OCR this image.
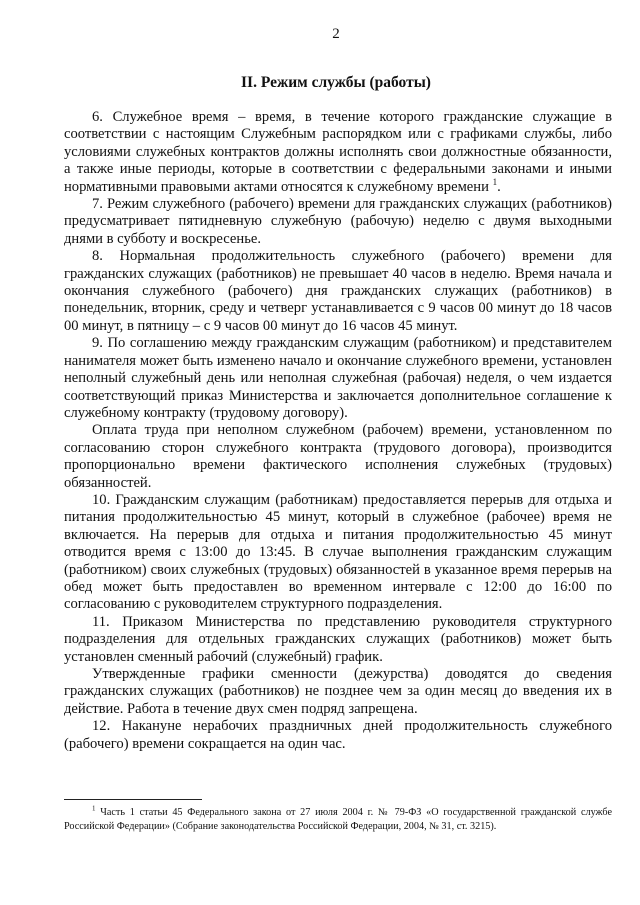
2
II. Режим службы (работы)

6. Служебное время – время, в течение которого гражданские служащие в соответствии с настоящим Служебным распорядком или с графиками службы, либо условиями служебных контрактов должны исполнять свои должностные обязанности, а также иные периоды, которые в соответствии с федеральными законами и иными нормативными правовыми актами относятся к служебному времени $^1$.

7. Режим служебного (рабочего) времени для гражданских служащих (работников) предусматривает пятидневную служебную (рабочую) неделю с двумя выходными днями в субботу и воскресенье.

8. Нормальная продолжительность служебного (рабочего) времени для гражданских служащих (работников) не превышает 40 часов в неделю. Время начала и окончания служебного (рабочего) дня гражданских служащих (работников) в понедельник, вторник, среду и четверг устанавливается с 9 часов 00 минут до 18 часов 00 минут, в пятницу – с 9 часов 00 минут до 16 часов 45 минут.

9. По соглашению между гражданским служащим (работником) и представителем нанимателя может быть изменено начало и окончание служебного времени, установлен неполный служебный день или неполная служебная (рабочая) неделя, о чем издается соответствующий приказ Министерства и заключается дополнительное соглашение к служебному контракту (трудовому договору).

Оплата труда при неполном служебном (рабочем) времени, установленном по согласованию сторон служебного контракта (трудового договора), производится пропорционально времени фактического исполнения служебных (трудовых) обязанностей.

10. Гражданским служащим (работникам) предоставляется перерыв для отдыха и питания продолжительностью 45 минут, который в служебное (рабочее) время не включается. На перерыв для отдыха и питания продолжительностью 45 минут отводится время с 13:00 до 13:45. В случае выполнения гражданским служащим (работником) своих служебных (трудовых) обязанностей в указанное время перерыв на обед может быть предоставлен во временном интервале с 12:00 до 16:00 по согласованию с руководителем структурного подразделения.

11. Приказом Министерства по представлению руководителя структурного подразделения для отдельных гражданских служащих (работников) может быть установлен сменный рабочий (служебный) график.

Утвержденные графики сменности (дежурства) доводятся до сведения гражданских служащих (работников) не позднее чем за один месяц до введения их в действие. Работа в течение двух смен подряд запрещена.

12. Накануне нерабочих праздничных дней продолжительность служебного (рабочего) времени сокращается на один час.

$^1$ Часть 1 статьи 45 Федерального закона от 27 июля 2004 г. № 79-ФЗ «О государственной гражданской службе Российской Федерации» (Собрание законодательства Российской Федерации, 2004, № 31, ст. 3215).
